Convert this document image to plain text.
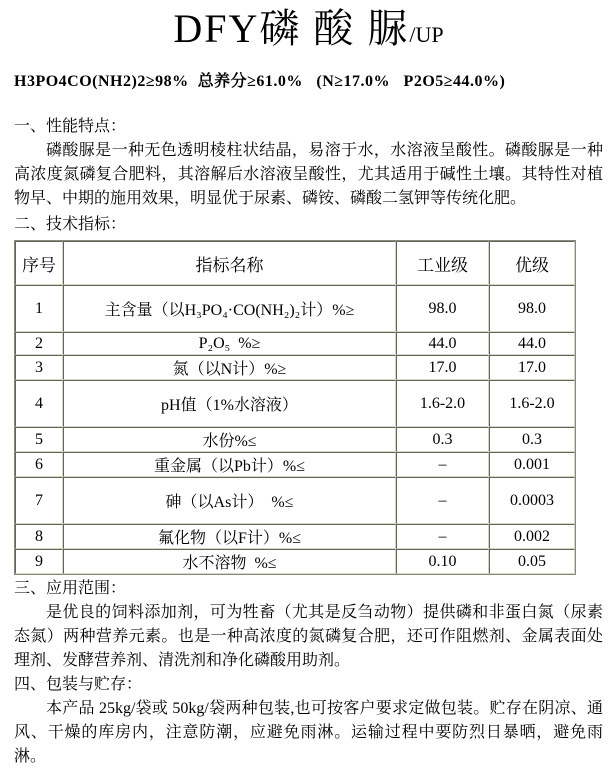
DFY磷 酸 脲/UP
H3PO4CO(NH2)2≥98%  总养分≥61.0%   (N≥17.0%   P2O5≥44.0%)

一、性能特点：

磷酸脲是一种无色透明棱柱状结晶，易溶于水，水溶液呈酸性。磷酸脲是一种高浓度氮磷复合肥料，其溶解后水溶液呈酸性，尤其适用于碱性土壤。其特性对植物早、中期的施用效果，明显优于尿素、磷铵、磷酸二氢钾等传统化肥。

二、技术指标：

序号	指标名称	工业级	优级
1	主含量（以H₃PO₄·CO(NH₂)₂计）%≥	98.0	98.0
2	P₂O₅  %≥	44.0	44.0
3	氮（以N计）%≥	17.0	17.0
4	pH值（1%水溶液）	1.6-2.0	1.6-2.0
5	水份%≤	0.3	0.3
6	重金属（以Pb计）%≤	–	0.001
7	砷（以As计）  %≤	–	0.0003
8	氟化物（以F计）%≤	–	0.002
9	水不溶物  %≤	0.10	0.05

三、应用范围：

是优良的饲料添加剂，可为牲畜（尤其是反刍动物）提供磷和非蛋白氮（尿素态氮）两种营养元素。也是一种高浓度的氮磷复合肥，还可作阻燃剂、金属表面处理剂、发酵营养剂、清洗剂和净化磷酸用助剂。

四、包装与贮存：

本产品 25kg/袋或 50kg/袋两种包装,也可按客户要求定做包装。贮存在阴凉、通风、干燥的库房内，注意防潮，应避免雨淋。运输过程中要防烈日暴晒，避免雨淋。
